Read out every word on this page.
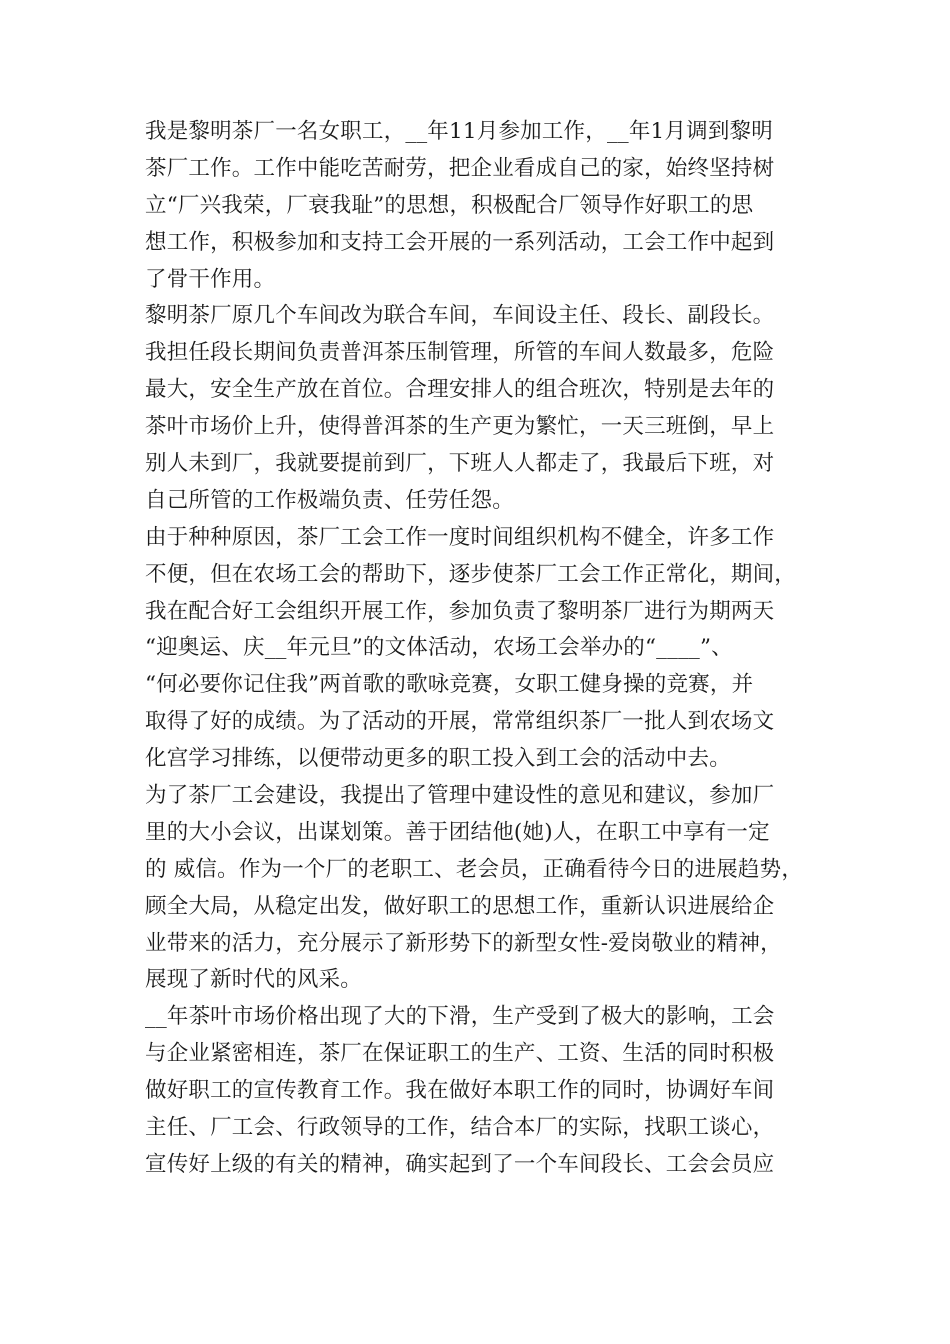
我是黎明茶厂一名女职工，__年11月参加工作，__年1月调到黎明
茶厂工作。工作中能吃苦耐劳，把企业看成自己的家，始终坚持树
立“厂兴我荣，厂衰我耻”的思想，积极配合厂领导作好职工的思
想工作，积极参加和支持工会开展的一系列活动，工会工作中起到
了骨干作用。
黎明茶厂原几个车间改为联合车间，车间设主任、段长、副段长。
我担任段长期间负责普洱茶压制管理，所管的车间人数最多，危险
最大，安全生产放在首位。合理安排人的组合班次，特别是去年的
茶叶市场价上升，使得普洱茶的生产更为繁忙，一天三班倒，早上
别人未到厂，我就要提前到厂，下班人人都走了，我最后下班，对
自己所管的工作极端负责、任劳任怨。
由于种种原因，茶厂工会工作一度时间组织机构不健全，许多工作
不便，但在农场工会的帮助下，逐步使茶厂工会工作正常化，期间，
我在配合好工会组织开展工作，参加负责了黎明茶厂进行为期两天
“迎奥运、庆__年元旦”的文体活动，农场工会举办的“____”、
“何必要你记住我”两首歌的歌咏竞赛，女职工健身操的竞赛，并
取得了好的成绩。为了活动的开展，常常组织茶厂一批人到农场文
化宫学习排练，以便带动更多的职工投入到工会的活动中去。
为了茶厂工会建设，我提出了管理中建设性的意见和建议，参加厂
里的大小会议，出谋划策。善于团结他(她)人，在职工中享有一定
的 威信。作为一个厂的老职工、老会员，正确看待今日的进展趋势，
顾全大局，从稳定出发，做好职工的思想工作，重新认识进展给企
业带来的活力，充分展示了新形势下的新型女性-爱岗敬业的精神，
展现了新时代的风采。
__年茶叶市场价格出现了大的下滑，生产受到了极大的影响，工会
与企业紧密相连，茶厂在保证职工的生产、工资、生活的同时积极
做好职工的宣传教育工作。我在做好本职工作的同时，协调好车间
主任、厂工会、行政领导的工作，结合本厂的实际，找职工谈心，
宣传好上级的有关的精神，确实起到了一个车间段长、工会会员应
